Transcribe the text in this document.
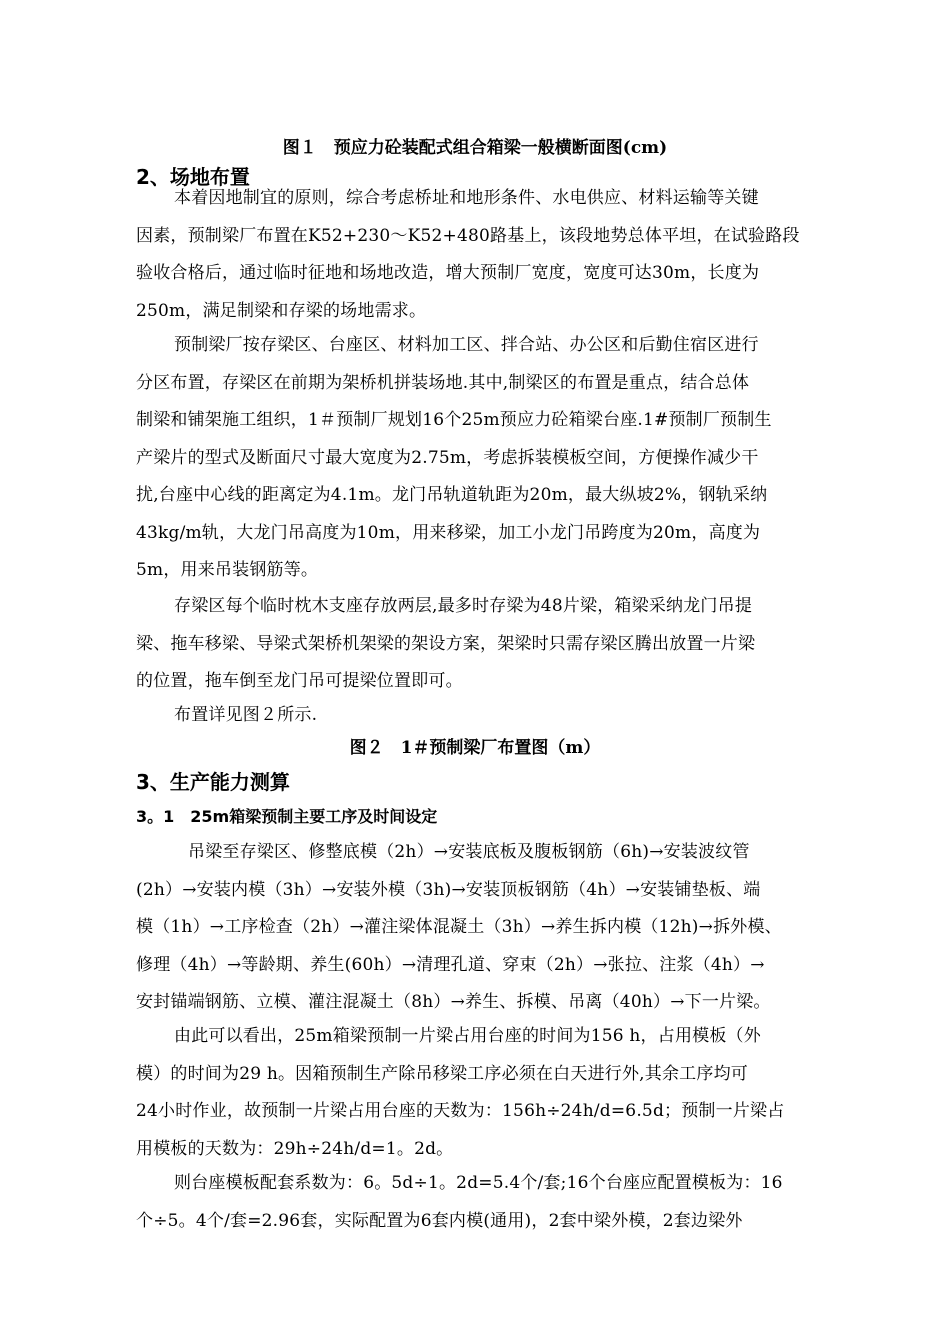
图１　预应力砼装配式组合箱梁一般横断面图(cm)
2、场地布置

本着因地制宜的原则，综合考虑桥址和地形条件、水电供应、材料运输等关键
因素，预制梁厂布置在K52+230～K52+480路基上，该段地势总体平坦，在试验路段
验收合格后，通过临时征地和场地改造，增大预制厂宽度，宽度可达30m，长度为
250m，满足制梁和存梁的场地需求。

预制梁厂按存梁区、台座区、材料加工区、拌合站、办公区和后勤住宿区进行
分区布置，存梁区在前期为架桥机拼装场地.其中,制梁区的布置是重点，结合总体
制梁和铺架施工组织，1＃预制厂规划16个25m预应力砼箱梁台座.1#预制厂预制生
产梁片的型式及断面尺寸最大宽度为2.75m，考虑拆装模板空间，方便操作减少干
扰,台座中心线的距离定为4.1m。龙门吊轨道轨距为20m，最大纵坡2%，钢轨采纳
43kg/m轨，大龙门吊高度为10m，用来移梁，加工小龙门吊跨度为20m，高度为
5m，用来吊装钢筋等。

存梁区每个临时枕木支座存放两层,最多时存梁为48片梁，箱梁采纳龙门吊提
梁、拖车移梁、导梁式架桥机架梁的架设方案，架梁时只需存梁区腾出放置一片梁
的位置，拖车倒至龙门吊可提梁位置即可。

布置详见图２所示.

图２　1＃预制梁厂布置图（m）
3、生产能力测算
3。1　25m箱梁预制主要工序及时间设定

吊梁至存梁区、修整底模（2h）→安装底板及腹板钢筋（6h)→安装波纹管
(2h）→安装内模（3h）→安装外模（3h)→安装顶板钢筋（4h）→安装铺垫板、端
模（1h）→工序检查（2h）→灌注梁体混凝土（3h）→养生拆内模（12h)→拆外模、
修理（4h）→等龄期、养生(60h）→清理孔道、穿束（2h）→张拉、注浆（4h）→
安封锚端钢筋、立模、灌注混凝土（8h）→养生、拆模、吊离（40h）→下一片梁。

由此可以看出，25m箱梁预制一片梁占用台座的时间为156 h，占用模板（外
模）的时间为29 h。因箱预制生产除吊移梁工序必须在白天进行外,其余工序均可
24小时作业，故预制一片梁占用台座的天数为：156h÷24h/d=6.5d；预制一片梁占
用模板的天数为：29h÷24h/d=1。2d。

则台座模板配套系数为：6。5d÷1。2d=5.4个/套;16个台座应配置模板为：16
个÷5。4个/套=2.96套，实际配置为6套内模(通用)，2套中梁外模，2套边梁外
